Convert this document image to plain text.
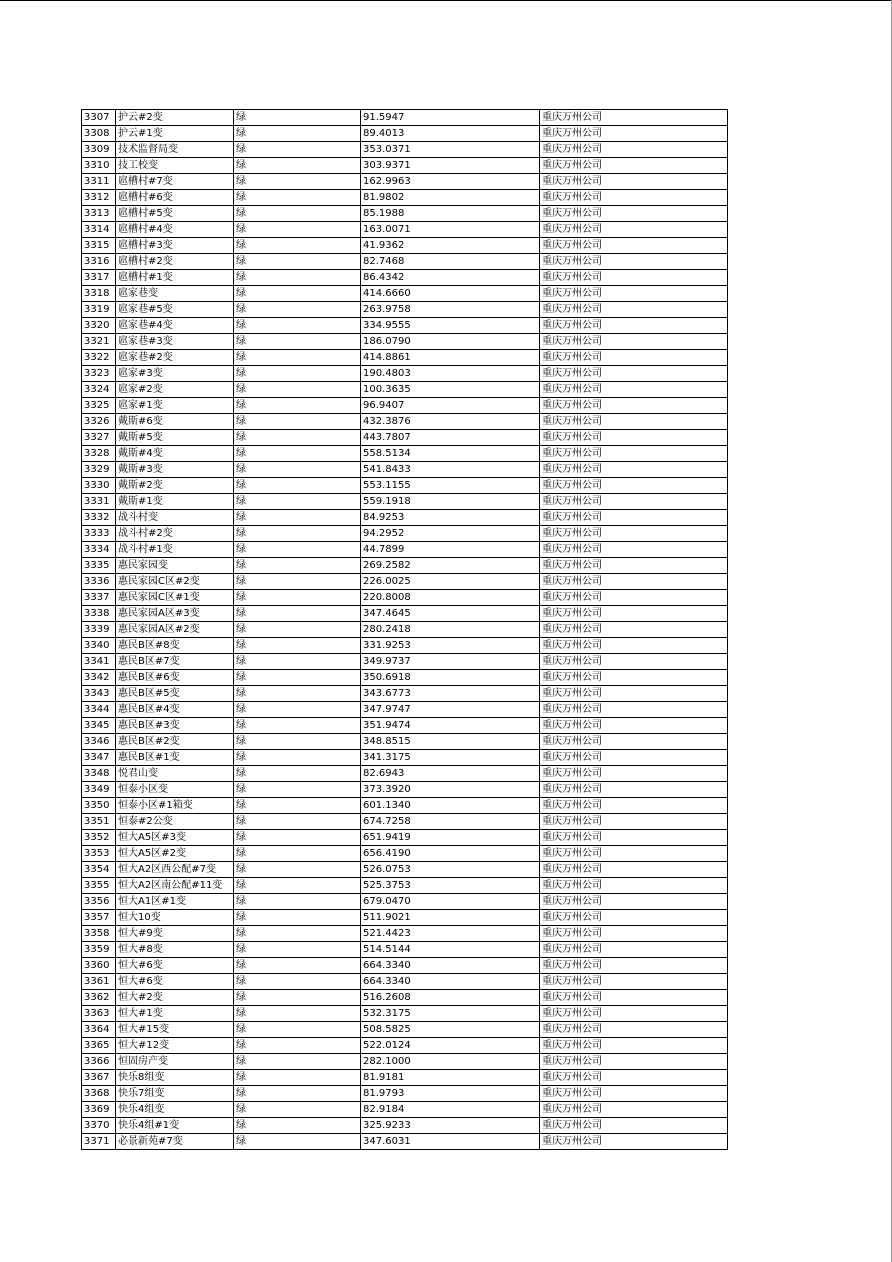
3307	护云#2变	绿	91.5947	重庆万州公司
3308	护云#1变	绿	89.4013	重庆万州公司
3309	技术监督局变	绿	353.0371	重庆万州公司
3310	技工校变	绿	303.9371	重庆万州公司
3311	扈槽村#7变	绿	162.9963	重庆万州公司
3312	扈槽村#6变	绿	81.9802	重庆万州公司
3313	扈槽村#5变	绿	85.1988	重庆万州公司
3314	扈槽村#4变	绿	163.0071	重庆万州公司
3315	扈槽村#3变	绿	41.9362	重庆万州公司
3316	扈槽村#2变	绿	82.7468	重庆万州公司
3317	扈槽村#1变	绿	86.4342	重庆万州公司
3318	扈家巷变	绿	414.6660	重庆万州公司
3319	扈家巷#5变	绿	263.9758	重庆万州公司
3320	扈家巷#4变	绿	334.9555	重庆万州公司
3321	扈家巷#3变	绿	186.0790	重庆万州公司
3322	扈家巷#2变	绿	414.8861	重庆万州公司
3323	扈家#3变	绿	190.4803	重庆万州公司
3324	扈家#2变	绿	100.3635	重庆万州公司
3325	扈家#1变	绿	96.9407	重庆万州公司
3326	戴斯#6变	绿	432.3876	重庆万州公司
3327	戴斯#5变	绿	443.7807	重庆万州公司
3328	戴斯#4变	绿	558.5134	重庆万州公司
3329	戴斯#3变	绿	541.8433	重庆万州公司
3330	戴斯#2变	绿	553.1155	重庆万州公司
3331	戴斯#1变	绿	559.1918	重庆万州公司
3332	战斗村变	绿	84.9253	重庆万州公司
3333	战斗村#2变	绿	94.2952	重庆万州公司
3334	战斗村#1变	绿	44.7899	重庆万州公司
3335	惠民家园变	绿	269.2582	重庆万州公司
3336	惠民家园C区#2变	绿	226.0025	重庆万州公司
3337	惠民家园C区#1变	绿	220.8008	重庆万州公司
3338	惠民家园A区#3变	绿	347.4645	重庆万州公司
3339	惠民家园A区#2变	绿	280.2418	重庆万州公司
3340	惠民B区#8变	绿	331.9253	重庆万州公司
3341	惠民B区#7变	绿	349.9737	重庆万州公司
3342	惠民B区#6变	绿	350.6918	重庆万州公司
3343	惠民B区#5变	绿	343.6773	重庆万州公司
3344	惠民B区#4变	绿	347.9747	重庆万州公司
3345	惠民B区#3变	绿	351.9474	重庆万州公司
3346	惠民B区#2变	绿	348.8515	重庆万州公司
3347	惠民B区#1变	绿	341.3175	重庆万州公司
3348	悦君山变	绿	82.6943	重庆万州公司
3349	恒泰小区变	绿	373.3920	重庆万州公司
3350	恒泰小区#1箱变	绿	601.1340	重庆万州公司
3351	恒泰#2公变	绿	674.7258	重庆万州公司
3352	恒大A5区#3变	绿	651.9419	重庆万州公司
3353	恒大A5区#2变	绿	656.4190	重庆万州公司
3354	恒大A2区西公配#7变	绿	526.0753	重庆万州公司
3355	恒大A2区南公配#11变	绿	525.3753	重庆万州公司
3356	恒大A1区#1变	绿	679.0470	重庆万州公司
3357	恒大10变	绿	511.9021	重庆万州公司
3358	恒大#9变	绿	521.4423	重庆万州公司
3359	恒大#8变	绿	514.5144	重庆万州公司
3360	恒大#6变	绿	664.3340	重庆万州公司
3361	恒大#6变	绿	664.3340	重庆万州公司
3362	恒大#2变	绿	516.2608	重庆万州公司
3363	恒大#1变	绿	532.3175	重庆万州公司
3364	恒大#15变	绿	508.5825	重庆万州公司
3365	恒大#12变	绿	522.0124	重庆万州公司
3366	恒固房产变	绿	282.1000	重庆万州公司
3367	快乐8组变	绿	81.9181	重庆万州公司
3368	快乐7组变	绿	81.9793	重庆万州公司
3369	快乐4组变	绿	82.9184	重庆万州公司
3370	快乐4组#1变	绿	325.9233	重庆万州公司
3371	必景新苑#7变	绿	347.6031	重庆万州公司
